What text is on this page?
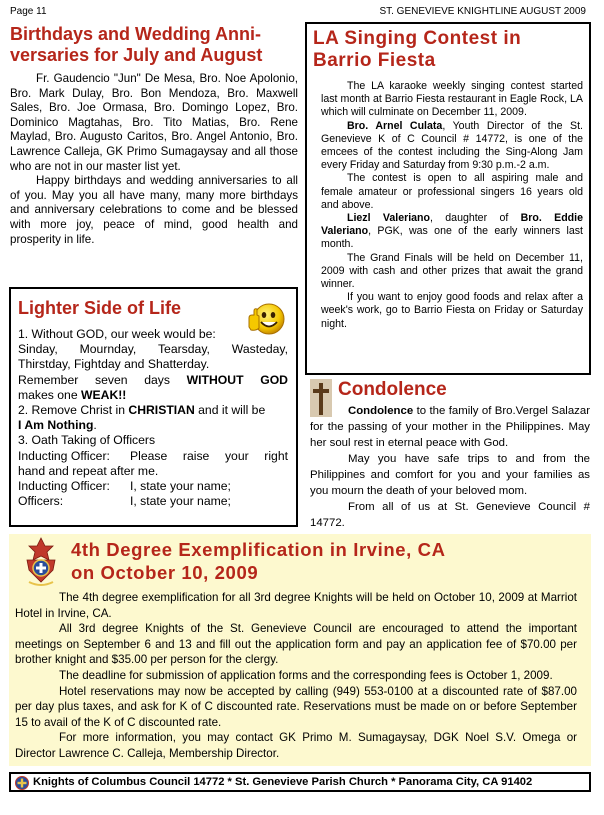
Page 11	ST. GENEVIEVE KNIGHTLINE AUGUST 2009
Birthdays and Wedding Anni-
versaries for July and August

Fr. Gaudencio "Jun" De Mesa, Bro. Noe Apolonio, Bro. Mark Dulay, Bro. Bon Mendoza, Bro. Maxwell Sales, Bro. Joe Ormasa, Bro. Domingo Lopez, Bro. Dominico Magtahas, Bro. Tito Matias, Bro. Rene Maylad, Bro. Augusto Caritos, Bro. Angel Antonio, Bro. Lawrence Calleja, GK Primo Sumagaysay and all those who are not in our master list yet.

Happy birthdays and wedding anniversaries to all of you. May you all have many, many more birthdays and anniversary celebrations to come and be blessed with more joy, peace of mind, good health and prosperity in life.

LA Singing Contest in
Barrio Fiesta

The LA karaoke weekly singing contest started last month at Barrio Fiesta restaurant in Eagle Rock, LA which will culminate on December 11, 2009.

Bro. Arnel Culata, Youth Director of the St. Genevieve K of C Council # 14772, is one of the emcees of the contest including the Sing-Along Jam every Friday and Saturday from 9:30 p.m.-2 a.m.

The contest is open to all aspiring male and female amateur or professional singers 16 years old and above.

Liezl Valeriano, daughter of Bro. Eddie Valeriano, PGK, was one of the early winners last month.

The Grand Finals will be held on December 11, 2009 with cash and other prizes that await the grand winner.

If you want to enjoy good foods and relax after a week's work, go to Barrio Fiesta on Friday or Saturday night.

Lighter Side of Life
1. Without GOD, our week would be:
Sinday, Mournday, Tearsday, Wasteday,
Thirstday, Fightday and Shatterday.
Remember seven days WITHOUT GOD
makes one WEAK!!
2. Remove Christ in CHRISTIAN and it will be
I Am Nothing.
3. Oath Taking of Officers
Inducting Officer:	Please raise your right
hand and repeat after me.
Inducting Officer:	I, state your name;
Officers:	I, state your name;
Condolence

Condolence to the family of Bro.Vergel Salazar for the passing of your mother in the Philippines. May her soul rest in eternal peace with God.

May you have safe trips to and from the Philippines and comfort for you and your families as you mourn the death of your beloved mom.

From all of us at St. Genevieve Council # 14772.

4th Degree Exemplification in Irvine, CA
on October 10, 2009

The 4th degree exemplification for all 3rd degree Knights will be held on October 10, 2009 at Marriot Hotel in Irvine, CA.

All 3rd degree Knights of the St. Genevieve Council are encouraged to attend the important meetings on September 6 and 13 and fill out the application form and pay an application fee of $70.00 per brother knight and $35.00 per person for the clergy.

The deadline for submission of application forms and the corresponding fees is October 1, 2009.

Hotel reservations may now be accepted by calling (949) 553-0100 at a discounted rate of $87.00 per day plus taxes, and ask for K of C discounted rate. Reservations must be made on or before September 15 to avail of the K of C discounted rate.

For more information, you may contact GK Primo M. Sumagaysay, DGK Noel S.V. Omega or Director Lawrence C. Calleja, Membership Director.

Knights of Columbus Council 14772 * St. Genevieve Parish Church * Panorama City, CA 91402
